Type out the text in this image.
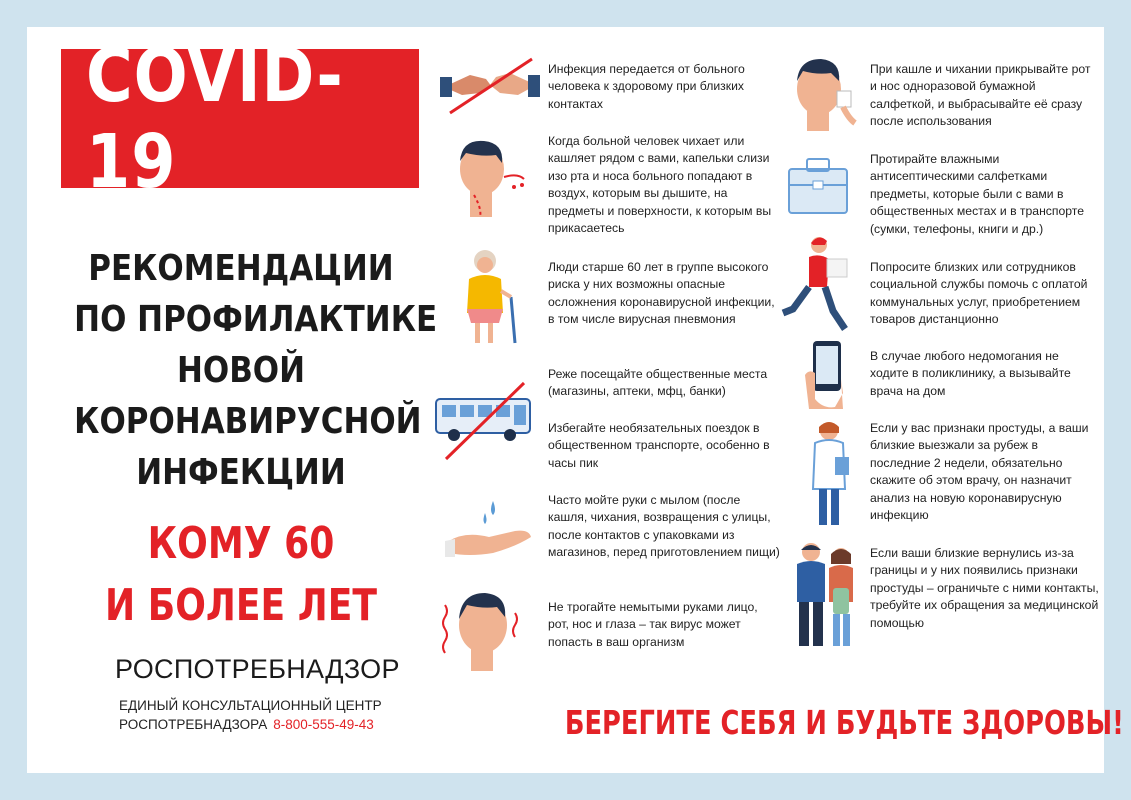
COVID-19
РЕКОМЕНДАЦИИ
ПО ПРОФИЛАКТИКЕ
НОВОЙ
КОРОНАВИРУСНОЙ
ИНФЕКЦИИ
КОМУ 60
И БОЛЕЕ ЛЕТ
РОСПОТРЕБНАДЗОР
ЕДИНЫЙ КОНСУЛЬТАЦИОННЫЙ ЦЕНТР
РОСПОТРЕБНАДЗОРА 8-800-555-49-43	БЕРЕГИТЕ СЕБЯ И БУДЬТЕ ЗДОРОВЫ!
Инфекция передается от больного человека к здоровому при близких контактах
Когда больной человек чихает или кашляет рядом с вами, капельки слизи изо рта и носа больного попадают в воздух, которым вы дышите, на предметы и поверхности, к которым вы прикасаетесь
Люди старше 60 лет в группе высокого риска у них возможны опасные осложнения коронавирусной инфекции, в том числе вирусная пневмония
Реже посещайте общественные места (магазины, аптеки, мфц, банки)
Избегайте необязательных поездок в общественном транспорте, особенно в часы пик
Часто мойте руки с мылом (после кашля, чихания, возвращения с улицы, после контактов с упаковками из магазинов, перед приготовлением пищи)
Не трогайте немытыми руками лицо, рот, нос и глаза – так вирус может попасть в ваш организм
При кашле и чихании прикрывайте рот и нос одноразовой бумажной салфеткой, и выбрасывайте её сразу после использования
Протирайте влажными антисептическими салфетками предметы, которые были с вами в общественных местах и в транспорте (сумки, телефоны, книги и др.)
Попросите близких или сотрудников социальной службы помочь с оплатой коммунальных услуг, приобретением товаров дистанционно
В случае любого недомогания не ходите в поликлинику, а вызывайте врача на дом
Если у вас признаки простуды, а ваши близкие выезжали за рубеж в последние 2 недели, обязательно скажите об этом врачу, он назначит анализ на новую коронавирусную инфекцию
Если ваши близкие вернулись из-за границы и у них появились признаки простуды – ограничьте с ними контакты, требуйте их обращения за медицинской помощью
